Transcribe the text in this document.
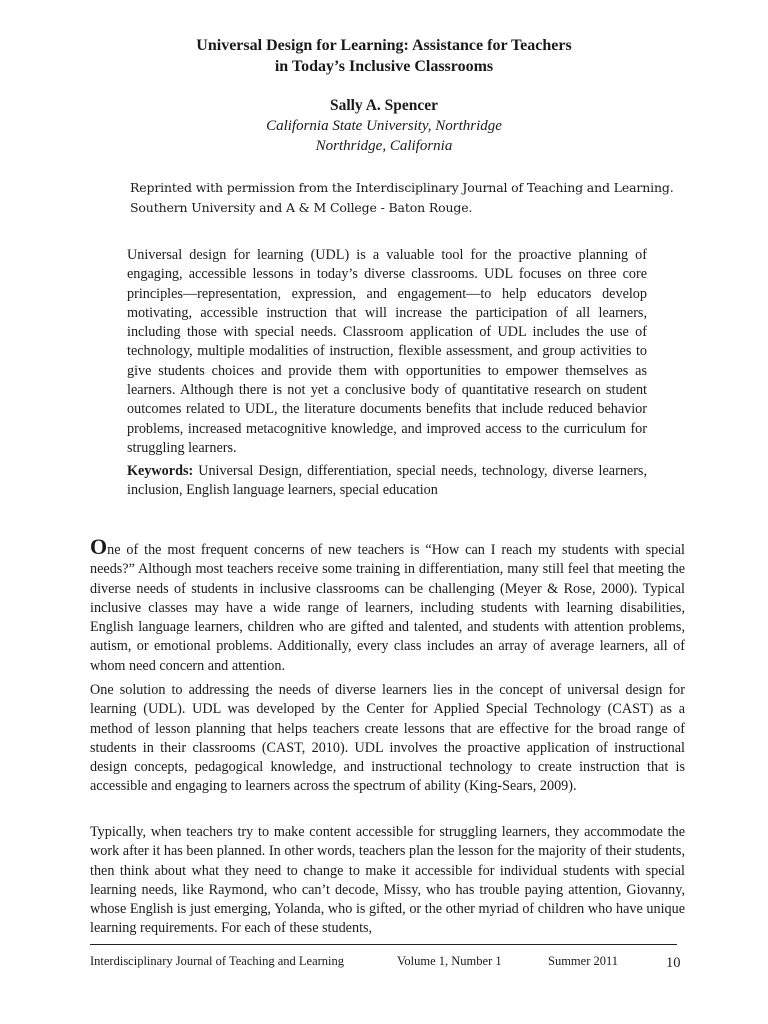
Universal Design for Learning: Assistance for Teachers
in Today’s Inclusive Classrooms
Sally A. Spencer
California State University, Northridge
Northridge, California
Reprinted with permission from the Interdisciplinary Journal of Teaching and Learning. Southern University and A & M College - Baton Rouge.
Universal design for learning (UDL) is a valuable tool for the proactive planning of engaging, accessible lessons in today’s diverse classrooms. UDL focuses on three core principles—representation, expression, and engagement—to help educators develop motivating, accessible instruction that will increase the participation of all learners, including those with special needs. Classroom application of UDL includes the use of technology, multiple modalities of instruction, flexible assessment, and group activities to give students choices and provide them with opportunities to empower themselves as learners. Although there is not yet a conclusive body of quantitative research on student outcomes related to UDL, the literature documents benefits that include reduced behavior problems, increased metacognitive knowledge, and improved access to the curriculum for struggling learners.
Keywords: Universal Design, differentiation, special needs, technology, diverse learners, inclusion, English language learners, special education
One of the most frequent concerns of new teachers is “How can I reach my students with special needs?” Although most teachers receive some training in differentiation, many still feel that meeting the diverse needs of students in inclusive classrooms can be challenging (Meyer & Rose, 2000). Typical inclusive classes may have a wide range of learners, including students with learning disabilities, English language learners, children who are gifted and talented, and students with attention problems, autism, or emotional problems. Additionally, every class includes an array of average learners, all of whom need concern and attention.
One solution to addressing the needs of diverse learners lies in the concept of universal design for learning (UDL). UDL was developed by the Center for Applied Special Technology (CAST) as a method of lesson planning that helps teachers create lessons that are effective for the broad range of students in their classrooms (CAST, 2010). UDL involves the proactive application of instructional design concepts, pedagogical knowledge, and instructional technology to create instruction that is accessible and engaging to learners across the spectrum of ability (King-Sears, 2009).
Typically, when teachers try to make content accessible for struggling learners, they accommodate the work after it has been planned. In other words, teachers plan the lesson for the majority of their students, then think about what they need to change to make it accessible for individual students with special learning needs, like Raymond, who can’t decode, Missy, who has trouble paying attention, Giovanny, whose English is just emerging, Yolanda, who is gifted, or the other myriad of children who have unique learning requirements. For each of these students,
Interdisciplinary Journal of Teaching and Learning	Volume 1, Number 1	Summer 2011	10
